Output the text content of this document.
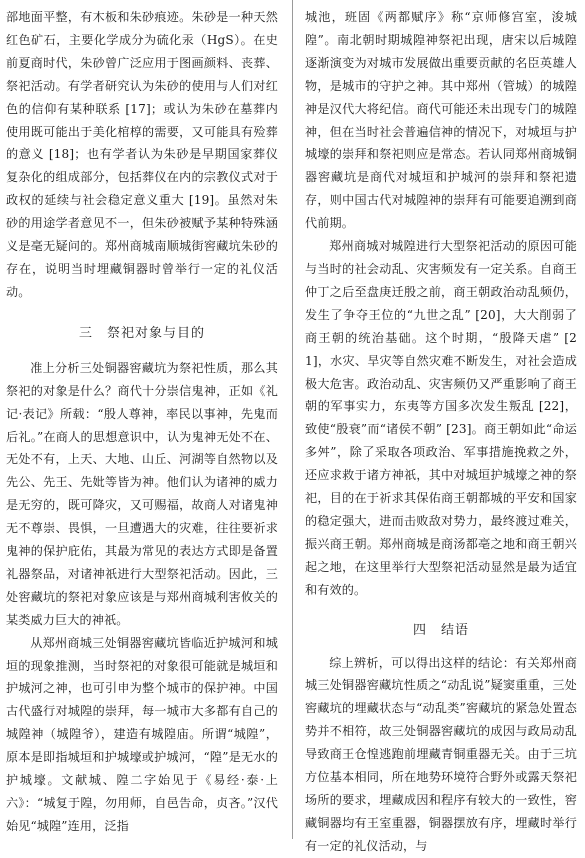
部地面平整，有木板和朱砂痕迹。朱砂是一种天然红色矿石，主要化学成分为硫化汞（HgS）。在史前夏商时代，朱砂曾广泛应用于图画颜料、丧葬、祭祀活动。有学者研究认为朱砂的使用与人们对红色的信仰有某种联系 [17]；或认为朱砂在墓葬内使用既可能出于美化棺椁的需要，又可能具有殓葬的意义 [18]；也有学者认为朱砂是早期国家葬仪复杂化的组成部分，包括葬仪在内的宗教仪式对于政权的延续与社会稳定意义重大 [19]。虽然对朱砂的用途学者意见不一，但朱砂被赋予某种特殊涵义是毫无疑问的。郑州商城南顺城街窖藏坑朱砂的存在，说明当时埋藏铜器时曾举行一定的礼仪活动。

三　祭祀对象与目的

准上分析三处铜器窖藏坑为祭祀性质，那么其祭祀的对象是什么？商代十分崇信鬼神，正如《礼记·表记》所载：“殷人尊神，率民以事神，先鬼而后礼。”在商人的思想意识中，认为鬼神无处不在、无处不有，上天、大地、山丘、河湖等自然物以及先公、先王、先妣等皆为神。他们认为诸神的威力是无穷的，既可降灾，又可赐福，故商人对诸鬼神无不尊崇、畏惧，一旦遭遇大的灾难，往往要祈求鬼神的保护庇佑，其最为常见的表达方式即是备置礼器祭品，对诸神祇进行大型祭祀活动。因此，三处窖藏坑的祭祀对象应该是与郑州商城利害攸关的某类威力巨大的神祇。

从郑州商城三处铜器窖藏坑皆临近护城河和城垣的现象推测，当时祭祀的对象很可能就是城垣和护城河之神，也可引申为整个城市的保护神。中国古代盛行对城隍的崇拜，每一城市大多都有自己的城隍神（城隍爷），建造有城隍庙。所谓“城隍”，原本是即指城垣和护城壕或护城河，“隍”是无水的护城壕。文献城、隍二字始见于《易经·泰·上六》：“城复于隍，勿用师，自邑告命，贞吝。”汉代始见“城隍”连用，泛指

城池，班固《两都赋序》称“京师修宫室，浚城隍”。南北朝时期城隍神祭祀出现，唐宋以后城隍逐渐演变为对城市发展做出重要贡献的名臣英雄人物，是城市的守护之神。其中郑州（管城）的城隍神是汉代大将纪信。商代可能还未出现专门的城隍神，但在当时社会普遍信神的情况下，对城垣与护城壕的崇拜和祭祀则应是常态。若认同郑州商城铜器窖藏坑是商代对城垣和护城河的崇拜和祭祀遗存，则中国古代对城隍神的崇拜有可能要追溯到商代前期。

郑州商城对城隍进行大型祭祀活动的原因可能与当时的社会动乱、灾害频发有一定关系。自商王仲丁之后至盘庚迁殷之前，商王朝政治动乱频仍，发生了争夺王位的“九世之乱” [20]，大大削弱了商王朝的统治基础。这个时期，“殷降天虐” [21]，水灾、旱灾等自然灾难不断发生，对社会造成极大危害。政治动乱、灾害频仍又严重影响了商王朝的军事实力，东夷等方国多次发生叛乱 [22]，致使“殷衰”而“诸侯不朝” [23]。商王朝如此“命运多舛”，除了采取各项政治、军事措施挽救之外，还应求救于诸方神祇，其中对城垣护城壕之神的祭祀，目的在于祈求其保佑商王朝都城的平安和国家的稳定强大，进而击败敌对势力，最终渡过难关，振兴商王朝。郑州商城是商汤都亳之地和商王朝兴起之地，在这里举行大型祭祀活动显然是最为适宜和有效的。

四　结语

综上辨析，可以得出这样的结论：有关郑州商城三处铜器窖藏坑性质之“动乱说”疑窦重重，三处窖藏坑的埋藏状态与“动乱类”窖藏坑的紧急处置态势并不相符，故三处铜器窖藏坑的成因与政局动乱导致商王仓惶逃跑前埋藏青铜重器无关。由于三坑方位基本相同，所在地势环境符合野外或露天祭祀场所的要求，埋藏成因和程序有较大的一致性，窖藏铜器均有王室重器，铜器摆放有序，埋藏时举行有一定的礼仪活动，与
